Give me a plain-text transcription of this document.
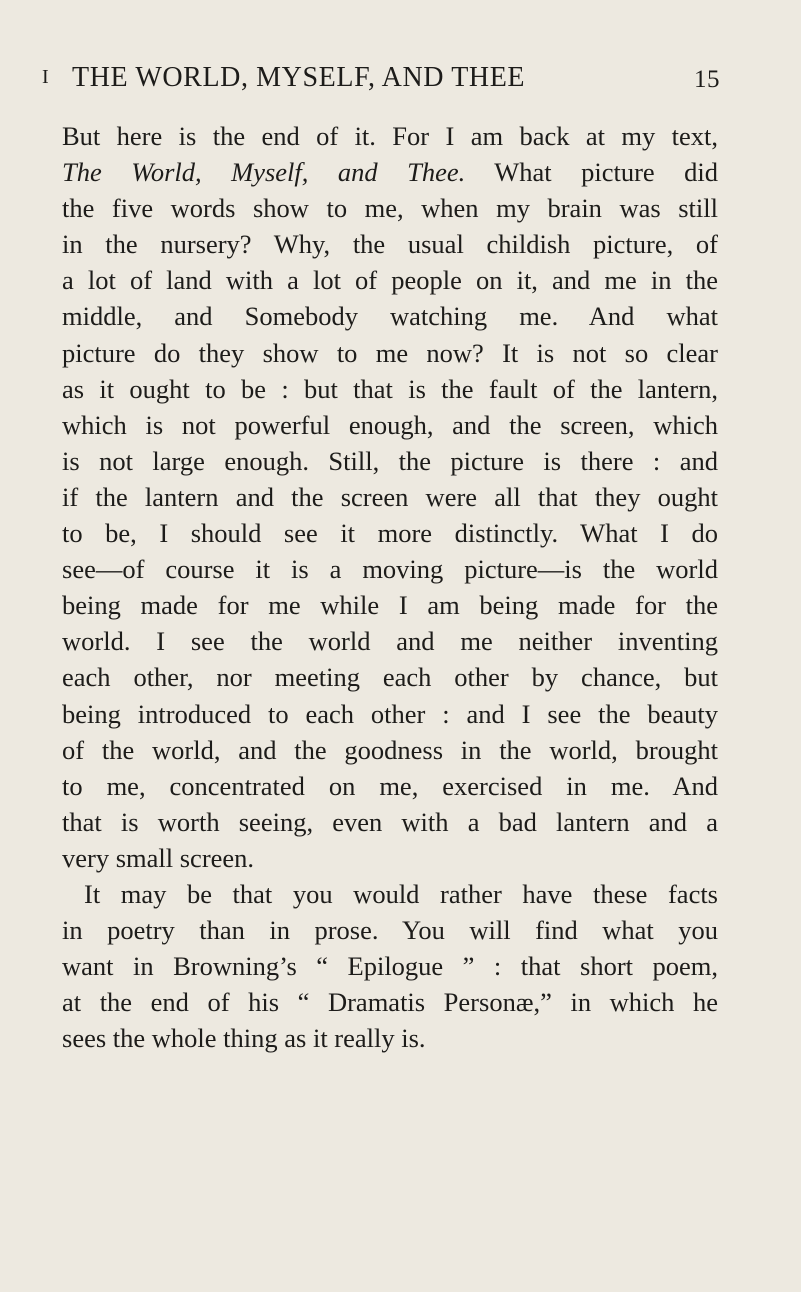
I THE WORLD, MYSELF, AND THEE	15
But here is the end of it. For I am back at my text,
The World, Myself, and Thee. What picture did
the five words show to me, when my brain was still
in the nursery? Why, the usual childish picture, of
a lot of land with a lot of people on it, and me in the
middle, and Somebody watching me. And what
picture do they show to me now? It is not so clear
as it ought to be : but that is the fault of the lantern,
which is not powerful enough, and the screen, which
is not large enough. Still, the picture is there : and
if the lantern and the screen were all that they ought
to be, I should see it more distinctly. What I do
see—of course it is a moving picture—is the world
being made for me while I am being made for the
world. I see the world and me neither inventing
each other, nor meeting each other by chance, but
being introduced to each other : and I see the beauty
of the world, and the goodness in the world, brought
to me, concentrated on me, exercised in me. And
that is worth seeing, even with a bad lantern and a
very small screen.
It may be that you would rather have these facts
in poetry than in prose. You will find what you
want in Browning’s “ Epilogue ” : that short poem,
at the end of his “ Dramatis Personæ,” in which he
sees the whole thing as it really is.
